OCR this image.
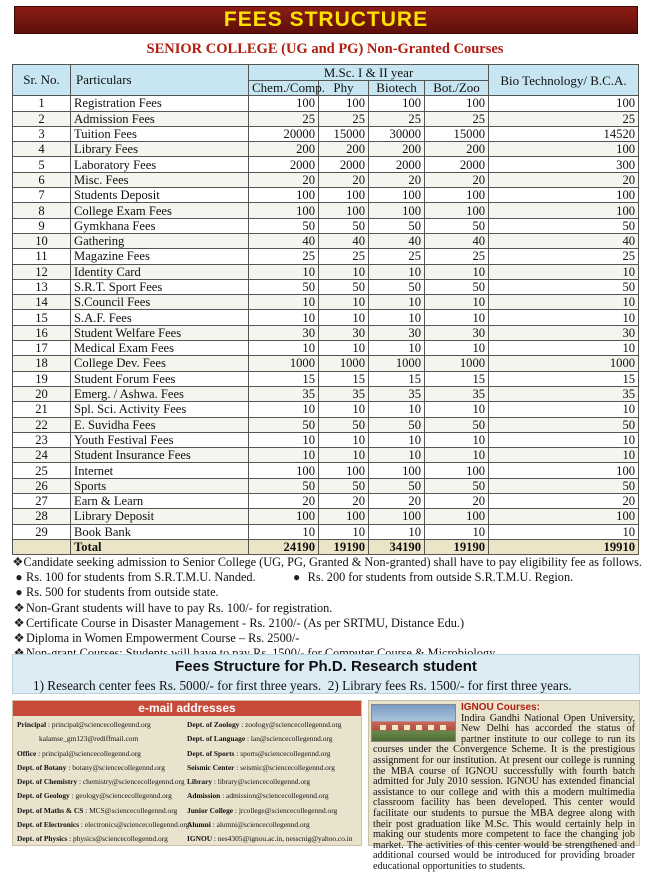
FEES STRUCTURE
SENIOR COLLEGE (UG and PG) Non-Granted Courses
Sr. No.	Particulars	M.Sc. I & II year				Bio Technology/ B.C.A.
		Chem./Comp.	Phy	Biotech	Bot./Zoo	
1	Registration Fees	100	100	100	100	100
2	Admission Fees	25	25	25	25	25
3	Tuition Fees	20000	15000	30000	15000	14520
4	Library Fees	200	200	200	200	100
5	Laboratory Fees	2000	2000	2000	2000	300
6	Misc. Fees	20	20	20	20	20
7	Students Deposit	100	100	100	100	100
8	College Exam Fees	100	100	100	100	100
9	Gymkhana Fees	50	50	50	50	50
10	Gathering	40	40	40	40	40
11	Magazine Fees	25	25	25	25	25
12	Identity Card	10	10	10	10	10
13	S.R.T. Sport Fees	50	50	50	50	50
14	S.Council Fees	10	10	10	10	10
15	S.A.F. Fees	10	10	10	10	10
16	Student Welfare Fees	30	30	30	30	30
17	Medical Exam Fees	10	10	10	10	10
18	College Dev. Fees	1000	1000	1000	1000	1000
19	Student Forum Fees	15	15	15	15	15
20	Emerg. / Ashwa. Fees	35	35	35	35	35
21	Spl. Sci. Activity Fees	10	10	10	10	10
22	E. Suvidha Fees	50	50	50	50	50
23	Youth Festival Fees	10	10	10	10	10
24	Student Insurance Fees	10	10	10	10	10
25	Internet	100	100	100	100	100
26	Sports	50	50	50	50	50
27	Earn & Learn	20	20	20	20	20
28	Library Deposit	100	100	100	100	100
29	Book Bank	10	10	10	10	10
	Total	24190	19190	34190	19190	19910
❖ Candidate seeking admission to Senior College (UG, PG, Granted & Non-granted) shall have to pay eligibility fee as follows.
● Rs. 100 for students from S.R.T.M.U. Nanded.	● Rs. 200 for students from outside S.R.T.M.U. Region.
● Rs. 500 for students from outside state.
❖ Non-Grant students will have to pay Rs. 100/- for registration.
❖ Certificate Course in Disaster Management - Rs. 2100/- (As per SRTMU, Distance Edu.)
❖ Diploma in Women Empowerment Course – Rs. 2500/-
Fees Structure for Ph.D. Research student
1) Research center fees Rs. 5000/- for first three years. 2) Library fees Rs. 1500/- for first three years.
e-mail addresses
Principal : principal@sciencecollegennd.org
kalamse_gm123@rediffmail.com
Office : principal@sciencecollegennd.org
Dept. of Botany : botany@sciencecollegennd.org
Dept. of Chemistry : chemistry@sciencecollegennd.org
Dept. of Geology : geology@sciencecollegennd.org
Dept. of Maths & CS : MCS@sciencecollegennd.org
Dept. of Electronics : electronics@sciencecollegennd.org
Dept. of Physics : physics@sciencecollegennd.org
Dept. of Zoology : zoology@sciencecollegennd.org
Dept. of Language : lan@sciencecollegennd.org
Dept. of Sports : sports@sciencecollegennd.org
Seismic Center : seismic@sciencecollegennd.org
Library : library@sciencecollegennd.org
Admission : admission@sciencecollegennd.org
Junior College : jrcollege@sciencecollegennd.org
Alumni : alumni@sciencecollegennd.org
IGNOU : nes4305@ignou.ac.in, nesscnig@yahoo.co.in
IGNOU Courses:
Indira Gandhi National Open University, New Delhi has accorded the status of partner institute to our college to run its courses under the Convergence Scheme. It is the prestigious assignment for our institution. At present our college is running the MBA course of IGNOU successfully with fourth batch admitted for July 2010 session. IGNOU has extended financial assistance to our college and with this a modern multimedia classroom facility has been developed. This center would facilitate our students to pursue the MBA degree along with their post graduation like M.Sc. This would certainly help in making our students more competent to face the changing job market. The activities of this center would be strengthened and additional coursed would be introduced for providing broader educational opportunities to students.
